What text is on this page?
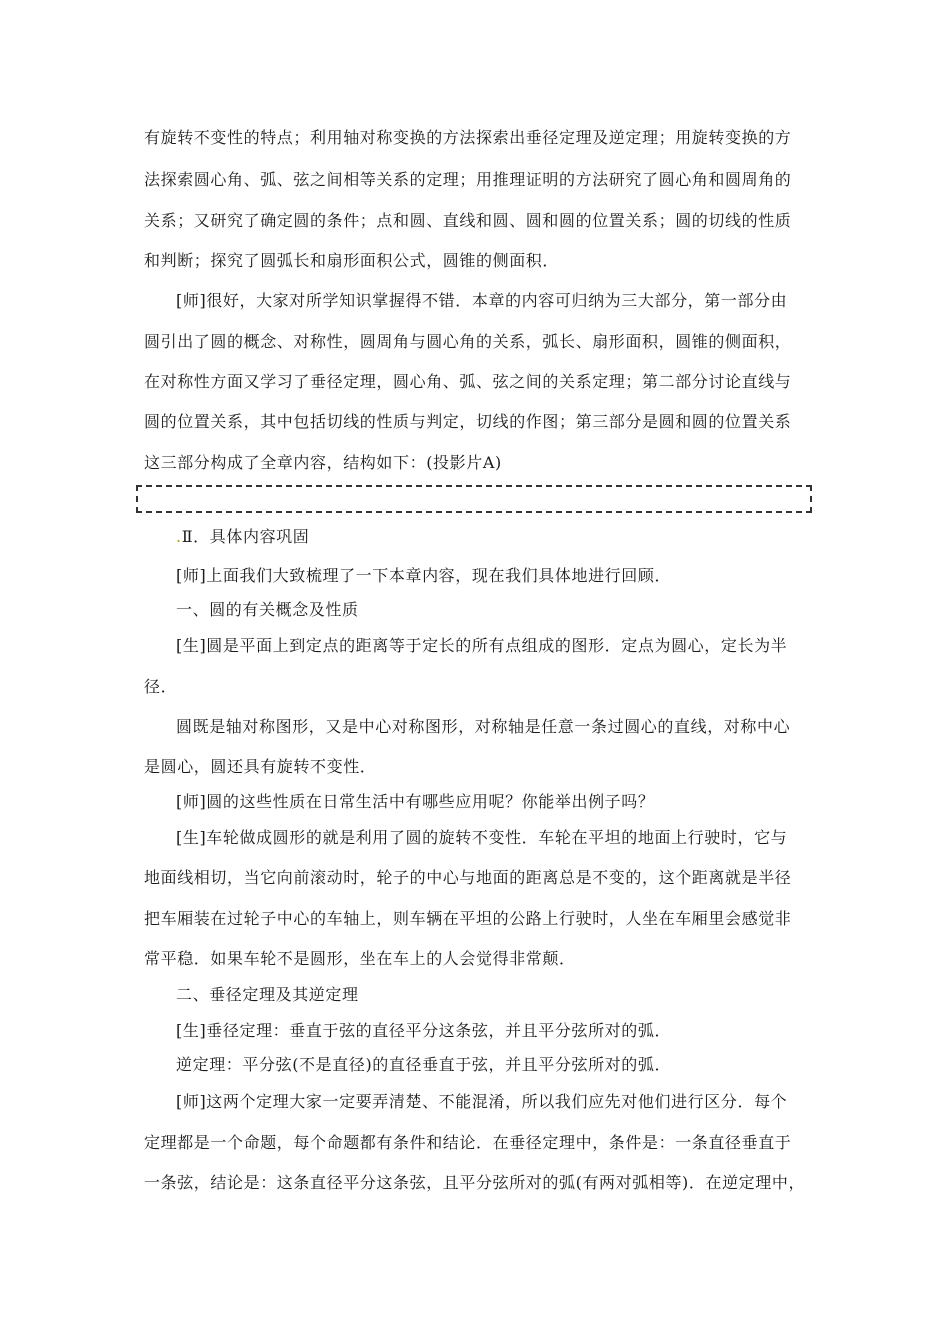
有旋转不变性的特点；利用轴对称变换的方法探索出垂径定理及逆定理；用旋转变换的方
法探索圆心角、弧、弦之间相等关系的定理；用推理证明的方法研究了圆心角和圆周角的
关系；又研究了确定圆的条件；点和圆、直线和圆、圆和圆的位置关系；圆的切线的性质
和判断；探究了圆弧长和扇形面积公式，圆锥的侧面积．
[师]很好，大家对所学知识掌握得不错．本章的内容可归纳为三大部分，第一部分由
圆引出了圆的概念、对称性，圆周角与圆心角的关系，弧长、扇形面积，圆锥的侧面积，
在对称性方面又学习了垂径定理，圆心角、弧、弦之间的关系定理；第二部分讨论直线与
圆的位置关系，其中包括切线的性质与判定，切线的作图；第三部分是圆和圆的位置关系
这三部分构成了全章内容，结构如下：(投影片A)
.Ⅱ．具体内容巩固
[师]上面我们大致梳理了一下本章内容，现在我们具体地进行回顾．
一、圆的有关概念及性质
[生]圆是平面上到定点的距离等于定长的所有点组成的图形．定点为圆心，定长为半
径．
圆既是轴对称图形，又是中心对称图形，对称轴是任意一条过圆心的直线，对称中心
是圆心，圆还具有旋转不变性．
[师]圆的这些性质在日常生活中有哪些应用呢？你能举出例子吗？
[生]车轮做成圆形的就是利用了圆的旋转不变性．车轮在平坦的地面上行驶时，它与
地面线相切，当它向前滚动时，轮子的中心与地面的距离总是不变的，这个距离就是半径
把车厢装在过轮子中心的车轴上，则车辆在平坦的公路上行驶时，人坐在车厢里会感觉非
常平稳．如果车轮不是圆形，坐在车上的人会觉得非常颠．
二、垂径定理及其逆定理
[生]垂径定理：垂直于弦的直径平分这条弦，并且平分弦所对的弧．
逆定理：平分弦(不是直径)的直径垂直于弦，并且平分弦所对的弧．
[师]这两个定理大家一定要弄清楚、不能混淆，所以我们应先对他们进行区分．每个
定理都是一个命题，每个命题都有条件和结论．在垂径定理中，条件是：一条直径垂直于
一条弦，结论是：这条直径平分这条弦，且平分弦所对的弧(有两对弧相等)．在逆定理中，
